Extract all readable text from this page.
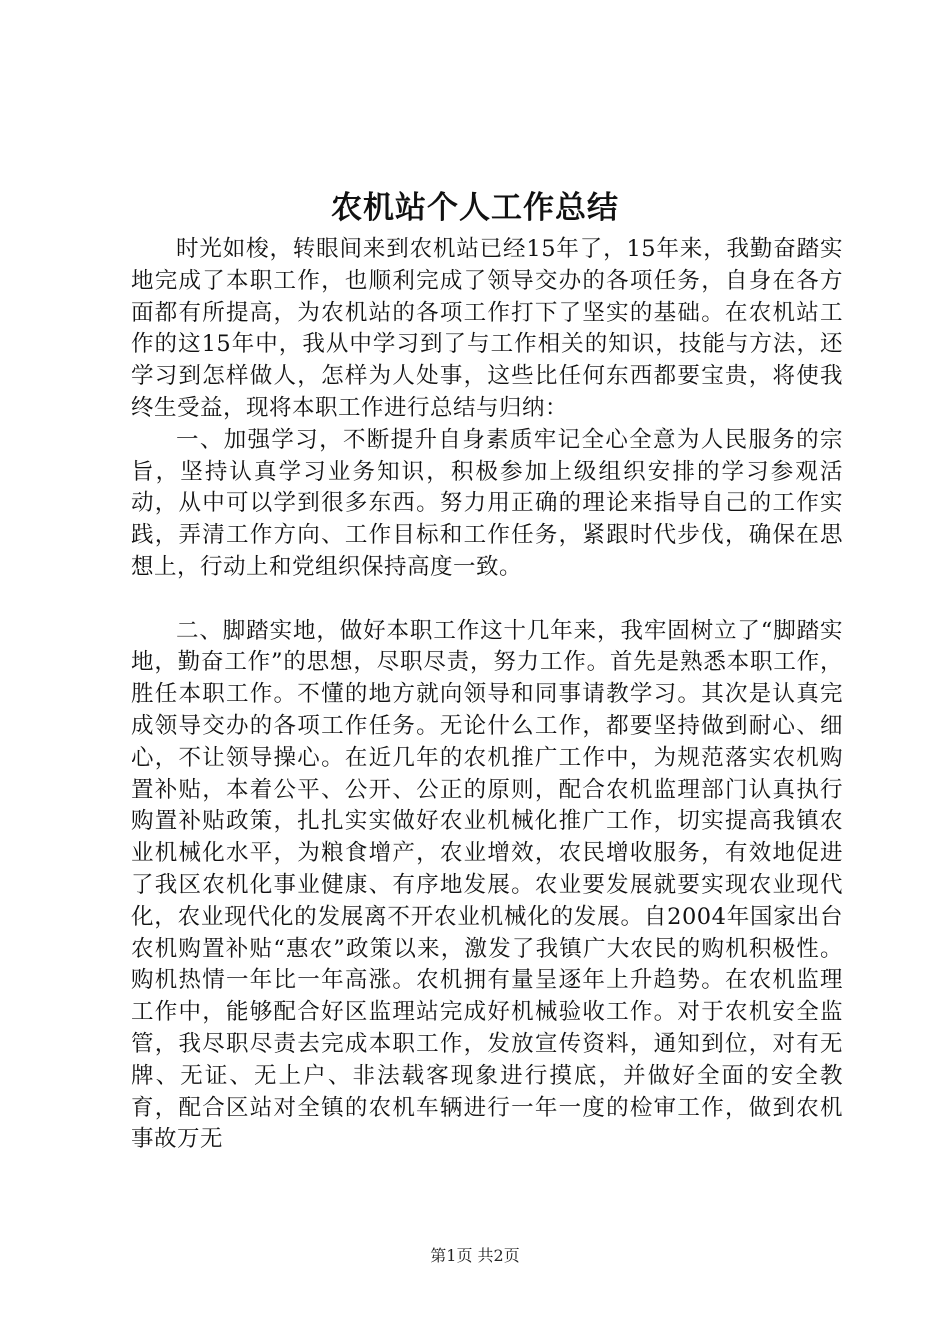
农机站个人工作总结

时光如梭，转眼间来到农机站已经15年了，15年来，我勤奋踏实地完成了本职工作，也顺利完成了领导交办的各项任务，自身在各方面都有所提高，为农机站的各项工作打下了坚实的基础。在农机站工作的这15年中，我从中学习到了与工作相关的知识，技能与方法，还学习到怎样做人，怎样为人处事，这些比任何东西都要宝贵，将使我终生受益，现将本职工作进行总结与归纳：

一、加强学习，不断提升自身素质牢记全心全意为人民服务的宗旨，坚持认真学习业务知识，积极参加上级组织安排的学习参观活动，从中可以学到很多东西。努力用正确的理论来指导自己的工作实践，弄清工作方向、工作目标和工作任务，紧跟时代步伐，确保在思想上，行动上和党组织保持高度一致。

二、脚踏实地，做好本职工作这十几年来，我牢固树立了“脚踏实地，勤奋工作”的思想，尽职尽责，努力工作。首先是熟悉本职工作，胜任本职工作。不懂的地方就向领导和同事请教学习。其次是认真完成领导交办的各项工作任务。无论什么工作，都要坚持做到耐心、细心，不让领导操心。在近几年的农机推广工作中，为规范落实农机购置补贴，本着公平、公开、公正的原则，配合农机监理部门认真执行购置补贴政策，扎扎实实做好农业机械化推广工作，切实提高我镇农业机械化水平，为粮食增产，农业增效，农民增收服务，有效地促进了我区农机化事业健康、有序地发展。农业要发展就要实现农业现代化，农业现代化的发展离不开农业机械化的发展。自2004年国家出台农机购置补贴“惠农”政策以来，激发了我镇广大农民的购机积极性。购机热情一年比一年高涨。农机拥有量呈逐年上升趋势。在农机监理工作中，能够配合好区监理站完成好机械验收工作。对于农机安全监管，我尽职尽责去完成本职工作，发放宣传资料，通知到位，对有无牌、无证、无上户、非法载客现象进行摸底，并做好全面的安全教育，配合区站对全镇的农机车辆进行一年一度的检审工作，做到农机事故万无

第1页 共2页
